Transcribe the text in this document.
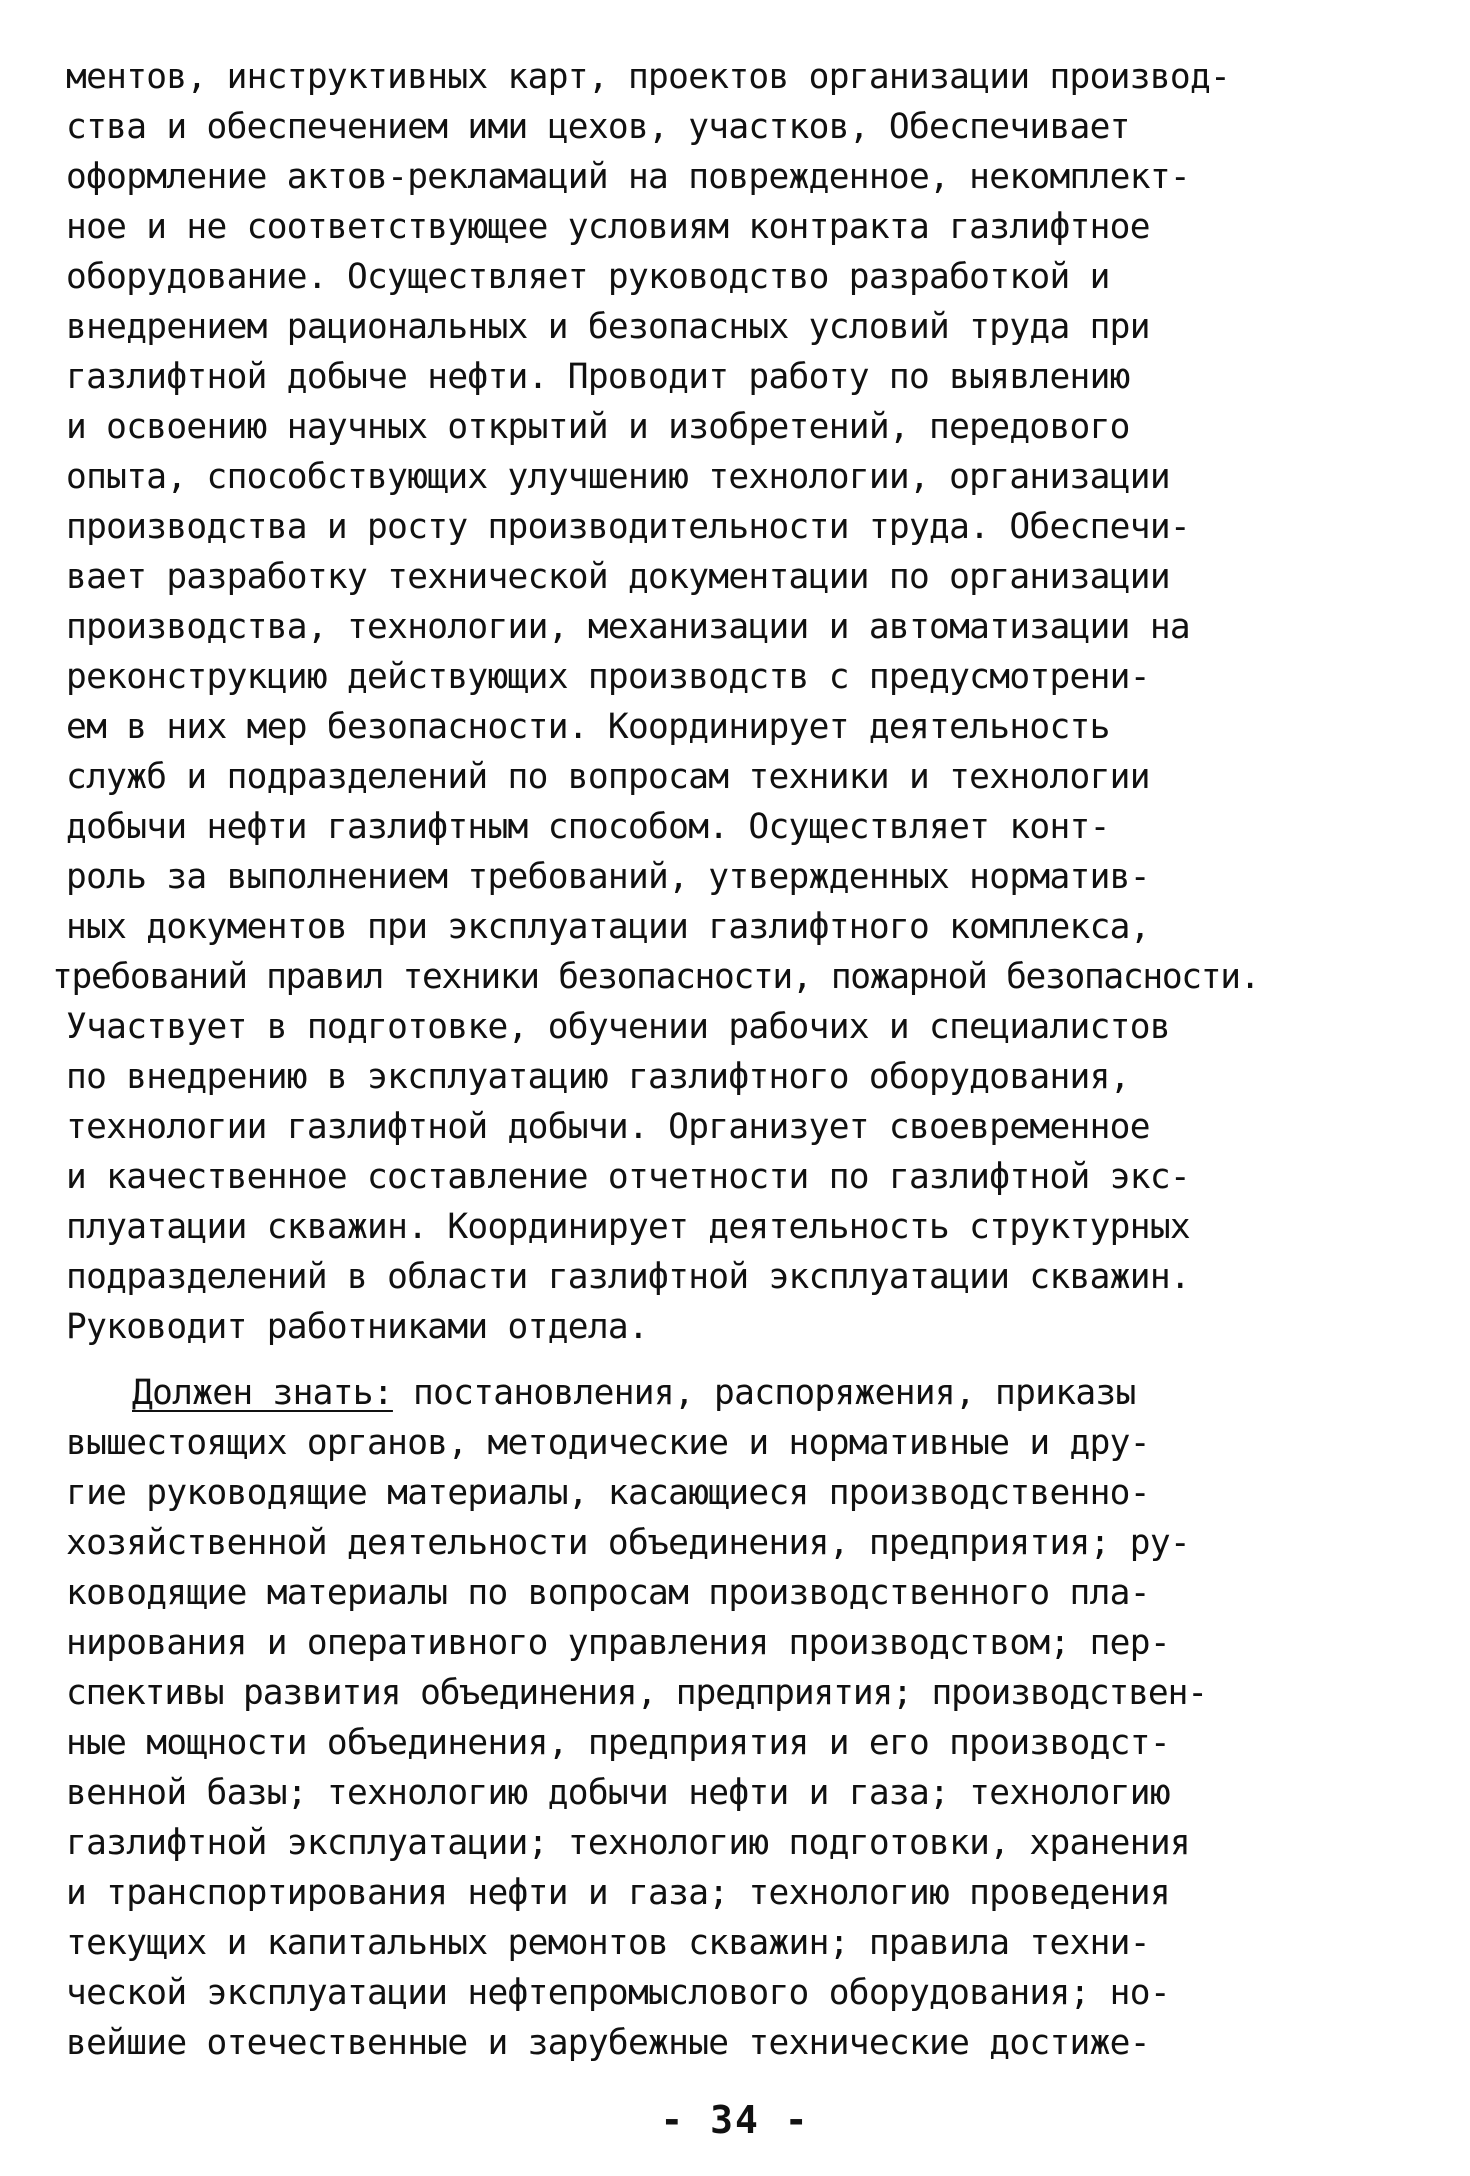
ментов, инструктивных карт, проектов организации производ-
ства и обеспечением ими цехов, участков, Обеспечивает
оформление актов-рекламаций на поврежденное, некомплект-
ное и не соответствующее условиям контракта газлифтное
оборудование. Осуществляет руководство разработкой и
внедрением рациональных и безопасных условий труда при
газлифтной добыче нефти. Проводит работу по выявлению
и освоению научных открытий и изобретений, передового
опыта, способствующих улучшению технологии, организации
производства и росту производительности труда. Обеспечи-
вает разработку технической документации по организации
производства, технологии, механизации и автоматизации на
реконструкцию действующих производств с предусмотрени-
ем в них мер безопасности. Координирует деятельность
служб и подразделений по вопросам техники и технологии
добычи нефти газлифтным способом. Осуществляет конт-
роль за выполнением требований, утвержденных норматив-
ных документов при эксплуатации газлифтного комплекса,
требований правил техники безопасности, пожарной безопасности.
Участвует в подготовке, обучении рабочих и специалистов
по внедрению в эксплуатацию газлифтного оборудования,
технологии газлифтной добычи. Организует своевременное
и качественное составление отчетности по газлифтной экс-
плуатации скважин. Координирует деятельность структурных
подразделений в области газлифтной эксплуатации скважин.
Руководит работниками отдела.
Должен знать: постановления, распоряжения, приказы
вышестоящих органов, методические и нормативные и дру-
гие руководящие материалы, касающиеся производственно-
хозяйственной деятельности объединения, предприятия; ру-
ководящие материалы по вопросам производственного пла-
нирования и оперативного управления производством; пер-
спективы развития объединения, предприятия; производствен-
ные мощности объединения, предприятия и его производст-
венной базы; технологию добычи нефти и газа; технологию
газлифтной эксплуатации; технологию подготовки, хранения
и транспортирования нефти и газа; технологию проведения
текущих и капитальных ремонтов скважин; правила техни-
ческой эксплуатации нефтепромыслового оборудования; но-
вейшие отечественные и зарубежные технические достиже-
- 34 -
